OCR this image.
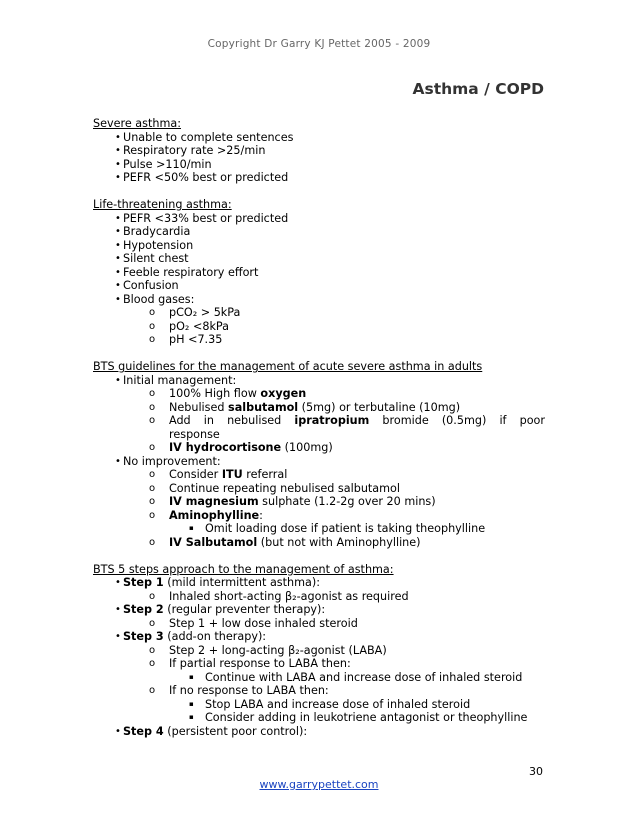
Copyright Dr Garry KJ Pettet 2005 - 2009
Asthma / COPD
Severe asthma:
• Unable to complete sentences
• Respiratory rate >25/min
• Pulse >110/min
• PEFR <50% best or predicted
Life-threatening asthma:
• PEFR <33% best or predicted
• Bradycardia
• Hypotension
• Silent chest
• Feeble respiratory effort
• Confusion
• Blood gases:
o pCO₂ > 5kPa
o pO₂ <8kPa
o pH <7.35
BTS guidelines for the management of acute severe asthma in adults
• Initial management:
o 100% High flow oxygen
o Nebulised salbutamol (5mg) or terbutaline (10mg)
o Add in nebulised ipratropium bromide (0.5mg) if poor
response
o IV hydrocortisone (100mg)
• No improvement:
o Consider ITU referral
o Continue repeating nebulised salbutamol
o IV magnesium sulphate (1.2-2g over 20 mins)
o Aminophylline:
▪ Omit loading dose if patient is taking theophylline
o IV Salbutamol (but not with Aminophylline)
BTS 5 steps approach to the management of asthma:
• Step 1 (mild intermittent asthma):
o Inhaled short-acting β₂-agonist as required
• Step 2 (regular preventer therapy):
o Step 1 + low dose inhaled steroid
• Step 3 (add-on therapy):
o Step 2 + long-acting β₂-agonist (LABA)
o If partial response to LABA then:
▪ Continue with LABA and increase dose of inhaled steroid
o If no response to LABA then:
▪ Stop LABA and increase dose of inhaled steroid
▪ Consider adding in leukotriene antagonist or theophylline
• Step 4 (persistent poor control):
30
www.garrypettet.com
